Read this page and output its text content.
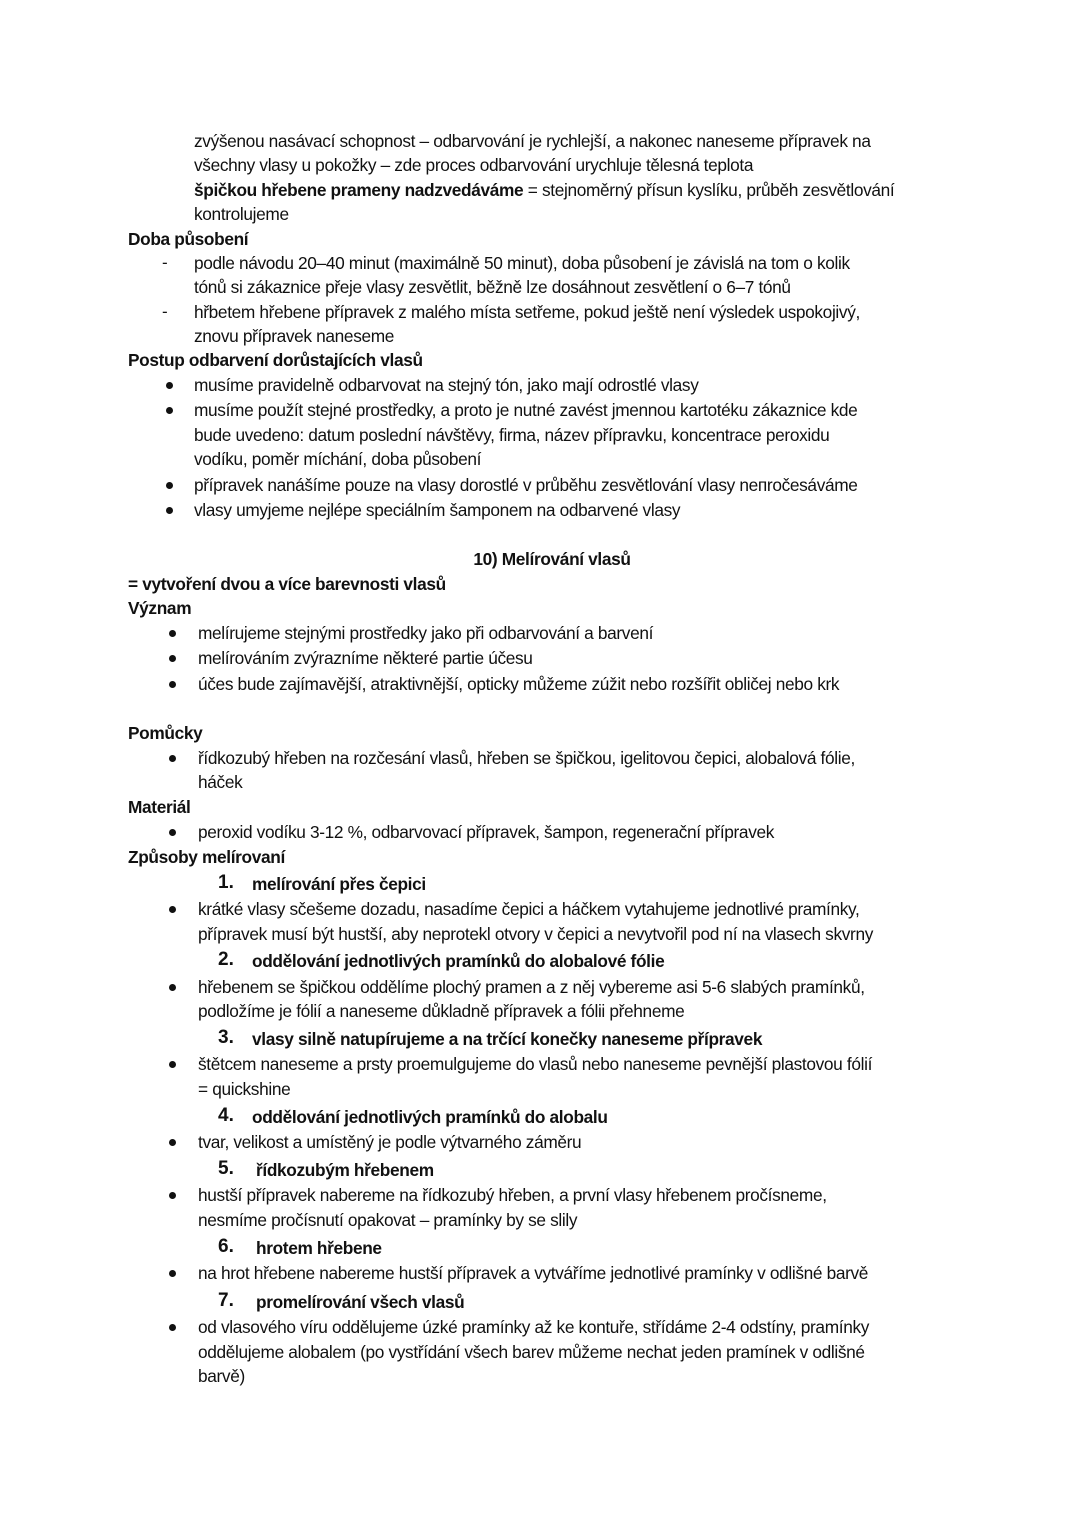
zvýšenou nasávací schopnost – odbarvování je rychlejší, a nakonec naneseme přípravek na
všechny vlasy u pokožky – zde proces odbarvování urychluje tělesná teplota
špičkou hřebene prameny nadzvedáváme = stejnoměrný přísun kyslíku, průběh zesvětlování
kontrolujeme
Doba působení
- podle návodu 20–40 minut (maximálně 50 minut), doba působení je závislá na tom o kolik
tónů si zákaznice přeje vlasy zesvětlit, běžně lze dosáhnout zesvětlení o 6–7 tónů
- hřbetem hřebene přípravek z malého místa setřeme, pokud ještě není výsledek uspokojivý,
znovu přípravek naneseme
Postup odbarvení dorůstajících vlasů
musíme pravidelně odbarvovat na stejný tón, jako mají odrostlé vlasy
musíme použít stejné prostředky, a proto je nutné zavést jmennou kartotéku zákaznice kde
bude uvedeno: datum poslední návštěvy, firma, název přípravku, koncentrace peroxidu
vodíku, poměr míchání, doba působení
přípravek nanášíme pouze na vlasy dorostlé v průběhu zesvětlování vlasy neпročesáváme
vlasy umyjeme nejlépe speciálním šamponem na odbarvené vlasy
10) Melírování vlasů
= vytvoření dvou a více barevnosti vlasů
Význam
melírujeme stejnými prostředky jako při odbarvování a barvení
melírováním zvýrazníme některé partie účesu
účes bude zajímavější, atraktivnější, opticky můžeme zúžit nebo rozšířit obličej nebo krk
Pomůcky
řídkozubý hřeben na rozčesání vlasů, hřeben se špičkou, igelitovou čepici, alobalová fólie,
háček
Materiál
peroxid vodíku 3-12 %, odbarvovací přípravek, šampon, regenerační přípravek
Způsoby melírovaní
1. melírování přes čepici
krátké vlasy sčešeme dozadu, nasadíme čepici a háčkem vytahujeme jednotlivé pramínky,
přípravek musí být hustší, aby neprotekl otvory v čepici a nevytvořil pod ní na vlasech skvrny
2. oddělování jednotlivých pramínků do alobalové fólie
hřebenem se špičkou oddělíme plochý pramen a z něj vybereme asi 5-6 slabých pramínků,
podložíme je fólií a naneseme důkladně přípravek a fólii přehneme
3. vlasy silně natupírujeme a na trčící konečky naneseme přípravek
štětcem naneseme a prsty proemulgujeme do vlasů nebo naneseme pevnější plastovou fólií
= quickshine
4. oddělování jednotlivých pramínků do alobalu
tvar, velikost a umístěný je podle výtvarného záměru
5. řídkozubým hřebenem
hustší přípravek nabereme na řídkozubý hřeben, a první vlasy hřebenem pročísneme,
nesmíme pročísnutí opakovat – pramínky by se slily
6. hrotem hřebene
na hrot hřebene nabereme hustší přípravek a vytváříme jednotlivé pramínky v odlišné barvě
7. promelírování všech vlasů
od vlasového víru oddělujeme úzké pramínky až ke kontuře, střídáme 2-4 odstíny, pramínky
oddělujeme alobalem (po vystřídání všech barev můžeme nechat jeden pramínek v odlišné
barvě)
